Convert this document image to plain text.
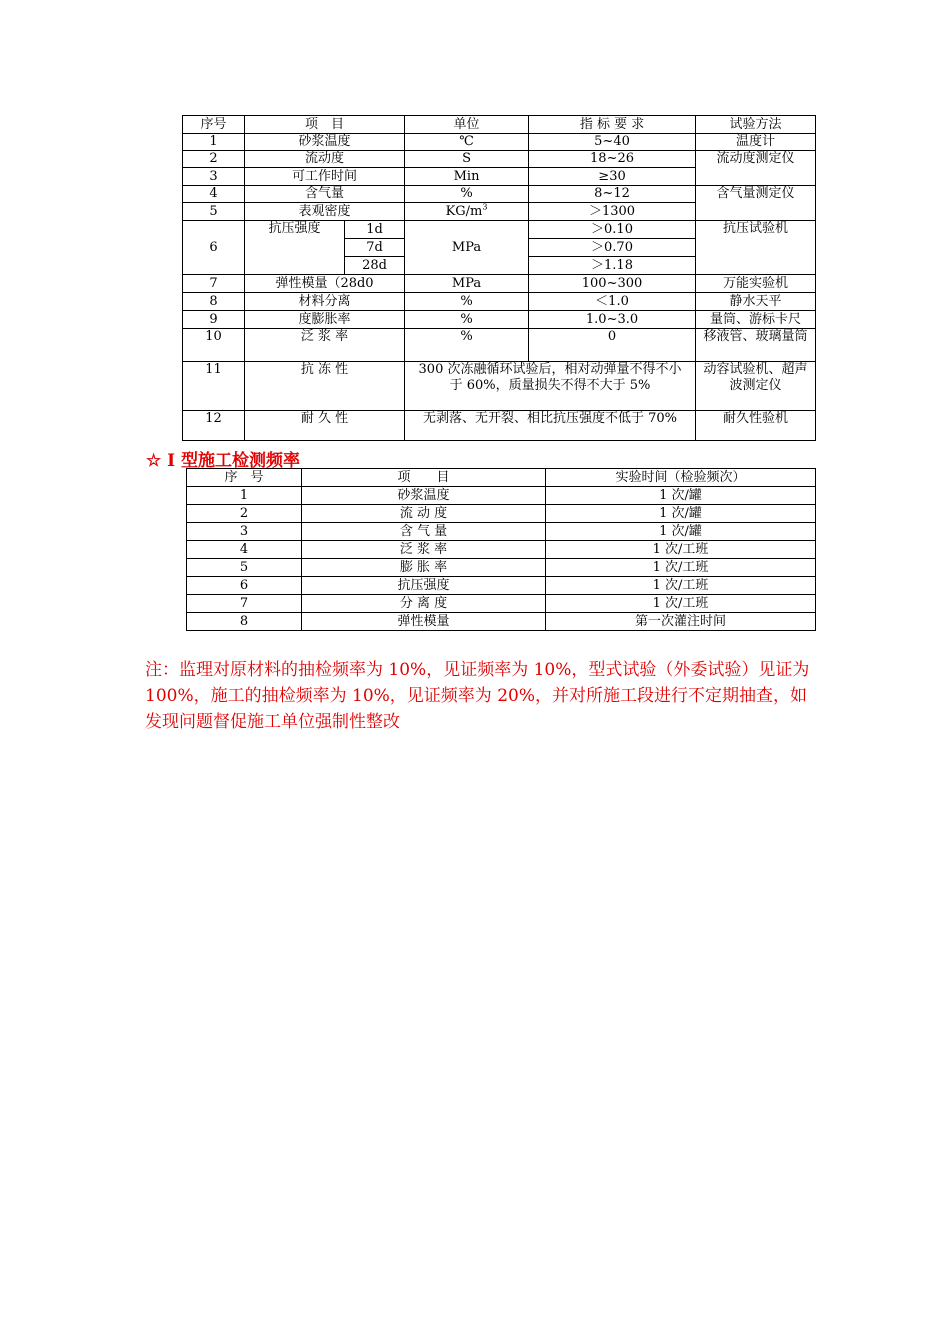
序号	项　目		单位	指 标 要 求	试验方法
1	砂浆温度		℃	5~40	温度计
2	流动度		S	18~26	流动度测定仪
3	可工作时间		Min	≥30	
4	含气量		%	8~12	含气量测定仪
5	表观密度		$KG/m^3$	＞1300	
6	抗压强度	1d	MPa	＞0.10	抗压试验机
		7d		＞0.70	
		28d		＞1.18	
7	弹性模量（28d0		MPa	100~300	万能实验机
8	材料分离		%	＜1.0	静水天平
9	度膨胀率		%	1.0~3.0	量筒、游标卡尺
10	泛 浆 率		%	0	移液管、玻璃量筒
11	抗 冻 性		300 次冻融循环试验后，相对动弹量不得不小于 60%，质量损失不得不大于 5%		动容试验机、超声波测定仪
12	耐 久 性		无剥落、无开裂、相比抗压强度不低于 70%		耐久性验机
☆ I 型施工检测频率
序　号	项　　目	实验时间（检验频次）
1	砂浆温度	1 次/罐
2	流 动 度	1 次/罐
3	含 气 量	1 次/罐
4	泛 浆 率	1 次/工班
5	膨 胀 率	1 次/工班
6	抗压强度	1 次/工班
7	分 离 度	1 次/工班
8	弹性模量	第一次灌注时间
注：监理对原材料的抽检频率为 10%，见证频率为 10%，型式试验（外委试验）见证为 100%，施工的抽检频率为 10%，见证频率为 20%，并对所施工段进行不定期抽查，如发现问题督促施工单位强制性整改
